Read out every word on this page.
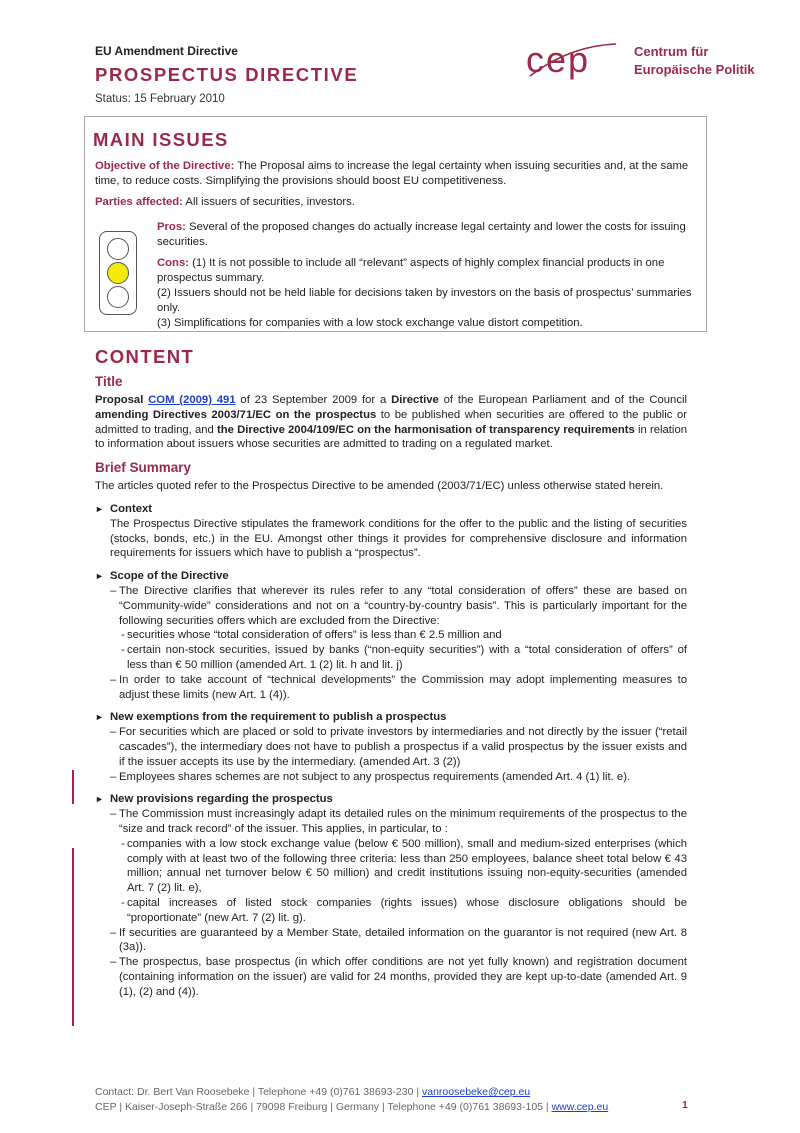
EU Amendment Directive
PROSPECTUS DIRECTIVE
Status: 15 February 2010
cep	Centrum für
Europäische Politik
MAIN ISSUES

Objective of the Directive: The Proposal aims to increase the legal certainty when issuing securities and, at the same time, to reduce costs. Simplifying the provisions should boost EU competitiveness.

Parties affected: All issuers of securities, investors.

Pros: Several of the proposed changes do actually increase legal certainty and lower the costs for issuing securities.

Cons: (1) It is not possible to include all “relevant” aspects of highly complex financial products in one prospectus summary.
(2) Issuers should not be held liable for decisions taken by investors on the basis of prospectus’ summaries only.
(3) Simplifications for companies with a low stock exchange value distort competition.

CONTENT
Title

Proposal COM (2009) 491 of 23 September 2009 for a Directive of the European Parliament and of the Council amending Directives 2003/71/EC on the prospectus to be published when securities are offered to the public or admitted to trading, and the Directive 2004/109/EC on the harmonisation of transparency requirements in relation to information about issuers whose securities are admitted to trading on a regulated market.

Brief Summary

The articles quoted refer to the Prospectus Directive to be amended (2003/71/EC) unless otherwise stated herein.

► Context

The Prospectus Directive stipulates the framework conditions for the offer to the public and the listing of securities (stocks, bonds, etc.) in the EU. Amongst other things it provides for comprehensive disclosure and information requirements for issuers which have to publish a “prospectus”.

► Scope of the Directive
– The Directive clarifies that wherever its rules refer to any “total consideration of offers” these are based on “Community-wide” considerations and not on a “country-by-country basis”. This is particularly important for the following securities offers which are excluded from the Directive:
- securities whose “total consideration of offers” is less than € 2.5 million and
- certain non-stock securities, issued by banks (“non-equity securities”) with a “total consideration of offers” of less than € 50 million (amended Art. 1 (2) lit. h and lit. j)
– In order to take account of “technical developments” the Commission may adopt implementing measures to adjust these limits (new Art. 1 (4)).
► New exemptions from the requirement to publish a prospectus
– For securities which are placed or sold to private investors by intermediaries and not directly by the issuer (“retail cascades”), the intermediary does not have to publish a prospectus if a valid prospectus by the issuer exists and if the issuer accepts its use by the intermediary. (amended Art. 3 (2))
– Employees shares schemes are not subject to any prospectus requirements (amended Art. 4 (1) lit. e).
► New provisions regarding the prospectus
– The Commission must increasingly adapt its detailed rules on the minimum requirements of the prospectus to the “size and track record” of the issuer. This applies, in particular, to :
- companies with a low stock exchange value (below € 500 million), small and medium-sized enterprises (which comply with at least two of the following three criteria: less than 250 employees, balance sheet total below € 43 million; annual net turnover below € 50 million) and credit institutions issuing non-equity-securities (amended Art. 7 (2) lit. e),
- capital increases of listed stock companies (rights issues) whose disclosure obligations should be “proportionate” (new Art. 7 (2) lit. g).
– If securities are guaranteed by a Member State, detailed information on the guarantor is not required (new Art. 8 (3a)).
– The prospectus, base prospectus (in which offer conditions are not yet fully known) and registration document (containing information on the issuer) are valid for 24 months, provided they are kept up-to-date (amended Art. 9 (1), (2) and (4)).
Contact: Dr. Bert Van Roosebeke | Telephone +49 (0)761 38693-230 | vanroosebeke@cep.eu
CEP | Kaiser-Joseph-Straße 266 | 79098 Freiburg | Germany | Telephone +49 (0)761 38693-105 | www.cep.eu	1
